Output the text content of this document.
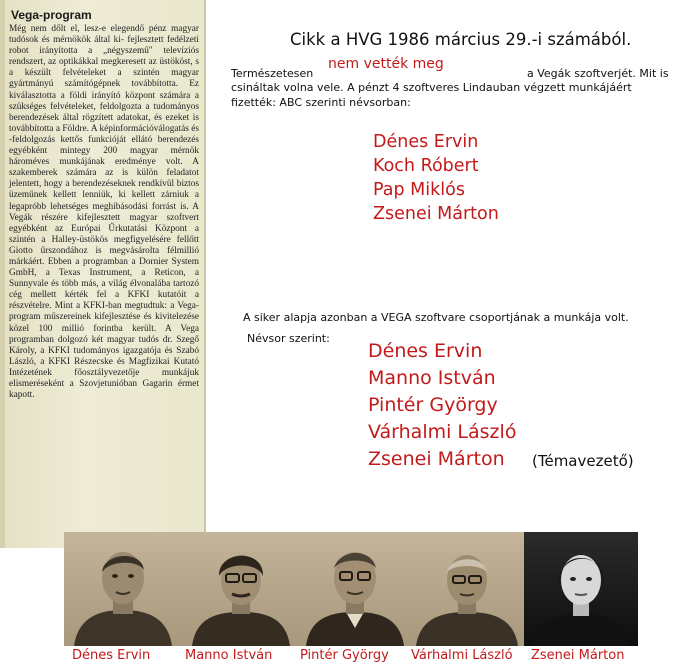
Vega-program
Még nem dőlt el, lesz-e elegendő pénz magyar tudósok és mérnökök által ki- fejlesztett fedélzeti robot irányította a „négyszemű" televíziós rendszert, az optikákkal megkeresett az üstököst, s a készült felvételeket a szintén magyar gyártmányú számítógépnek továbbította. Ez kiválasztotta a földi irányító központ számára a szükséges felvételeket, feldolgozta a tudományos berendezések által rögzített adatokat, és ezeket is továbbította a Földre. A képinformációválogatás és -feldolgozás kettős funkcióját ellátó berendezés egyébként mintegy 200 magyar mérnök hároméves munkájának eredménye volt. A szakemberek számára az is külön feladatot jelentett, hogy a berendezéseknek rendkívül biztos üzeműnek kellett lenniük, ki kellett zárniuk a legapróbb lehetséges meghibásodási forrást is. A Vegák részére kifejlesztett magyar szoftvert egyébként az Európai Űrkutatási Központ a szintén a Halley-üstökös megfigyelésére fellőtt Giotto űrszondához is megvásárolta félmillió márkáért. Ebben a programban a Dornier System GmbH, a Texas Instrument, a Reticon, a Sunnyvale és több más, a világ élvonalába tartozó cég mellett kérték fel a KFKI kutatóit a részvételre. Mint a KFKI-ban megtudtuk: a Vega-program műszereinek kifejlesztése és kivitelezése közel 100 millió forintba került. A Vega programban dolgozó két magyar tudós dr. Szegő Károly, a KFKI tudományos igazgatója és Szabó László, a KFKI Részecske és Magfizikai Kutató Intézetének főosztályvezetője munkájuk elismeréseként a Szovjetunióban Gagarin érmet kapott.
Cikk a HVG 1986 március 29.-i számából.
Természetesen
nem vették meg
a Vegák szoftverjét. Mit is
csináltak volna vele. A pénzt 4 szoftveres Lindauban végzett munkájáért
fizették: ABC szerinti névsorban:
Dénes Ervin
Koch Róbert
Pap Miklós
Zsenei Márton
A siker alapja azonban a VEGA szoftvare csoportjának a munkája volt.
Névsor szerint:
Dénes Ervin
Manno István
Pintér György
Várhalmi László
Zsenei Márton (Témavezető)
Dénes Ervin	Manno István Pintér György Várhalmi László Zsenei Márton
